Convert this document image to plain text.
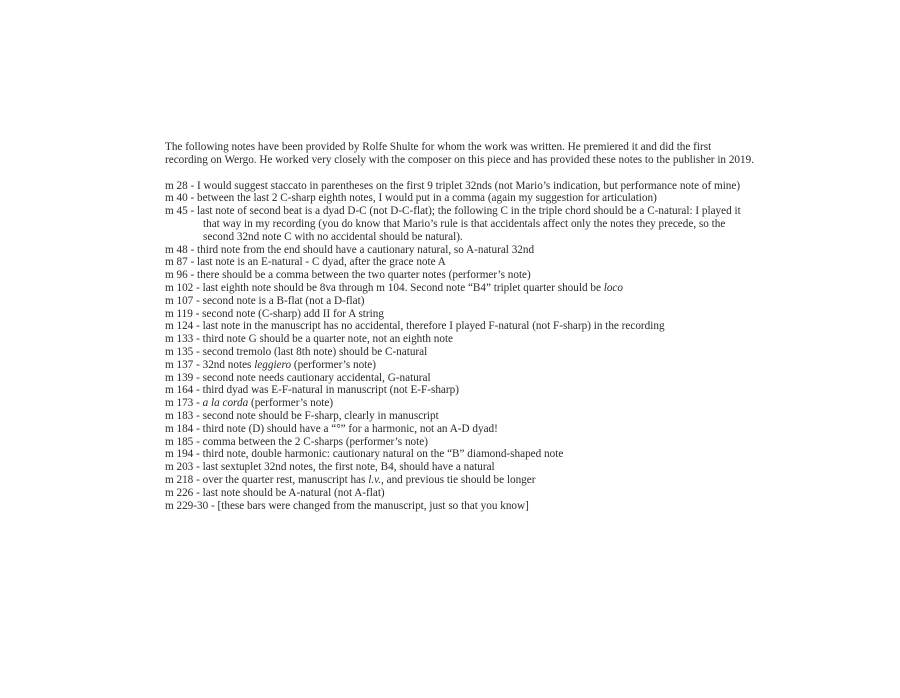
The following notes have been provided by Rolfe Shulte for whom the work was written. He premiered it and did the first recording on Wergo. He worked very closely with the composer on this piece and has provided these notes to the publisher in 2019.

m 28 - I would suggest staccato in parentheses on the first 9 triplet 32nds (not Mario’s indication, but performance note of mine)
m 40 - between the last 2 C-sharp eighth notes, I would put in a comma (again my suggestion for articulation)
m 45 - last note of second beat is a dyad D-C (not D-C-flat); the following C in the triple chord should be a C-natural: I played it that way in my recording (you do know that Mario’s rule is that accidentals affect only the notes they precede, so the second 32nd note C with no accidental should be natural).
m 48 - third note from the end should have a cautionary natural, so A-natural 32nd
m 87 - last note is an E-natural - C dyad, after the grace note A
m 96 - there should be a comma between the two quarter notes (performer’s note)
m 102 - last eighth note should be 8va through m 104. Second note “B4” triplet quarter should be loco
m 107 - second note is a B-flat (not a D-flat)
m 119 - second note (C-sharp) add II for A string
m 124 - last note in the manuscript has no accidental, therefore I played F-natural (not F-sharp) in the recording
m 133 - third note G should be a quarter note, not an eighth note
m 135 - second tremolo (last 8th note) should be C-natural
m 137 - 32nd notes leggiero (performer’s note)
m 139 - second note needs cautionary accidental, G-natural
m 164 - third dyad was E-F-natural in manuscript (not E-F-sharp)
m 173 - a la corda (performer’s note)
m 183 - second note should be F-sharp, clearly in manuscript
m 184 - third note (D) should have a “°” for a harmonic, not an A-D dyad!
m 185 - comma between the 2 C-sharps (performer’s note)
m 194 - third note, double harmonic: cautionary natural on the “B” diamond-shaped note
m 203 - last sextuplet 32nd notes, the first note, B4, should have a natural
m 218 - over the quarter rest, manuscript has l.v., and previous tie should be longer
m 226 - last note should be A-natural (not A-flat)
m 229-30 - [these bars were changed from the manuscript, just so that you know]
